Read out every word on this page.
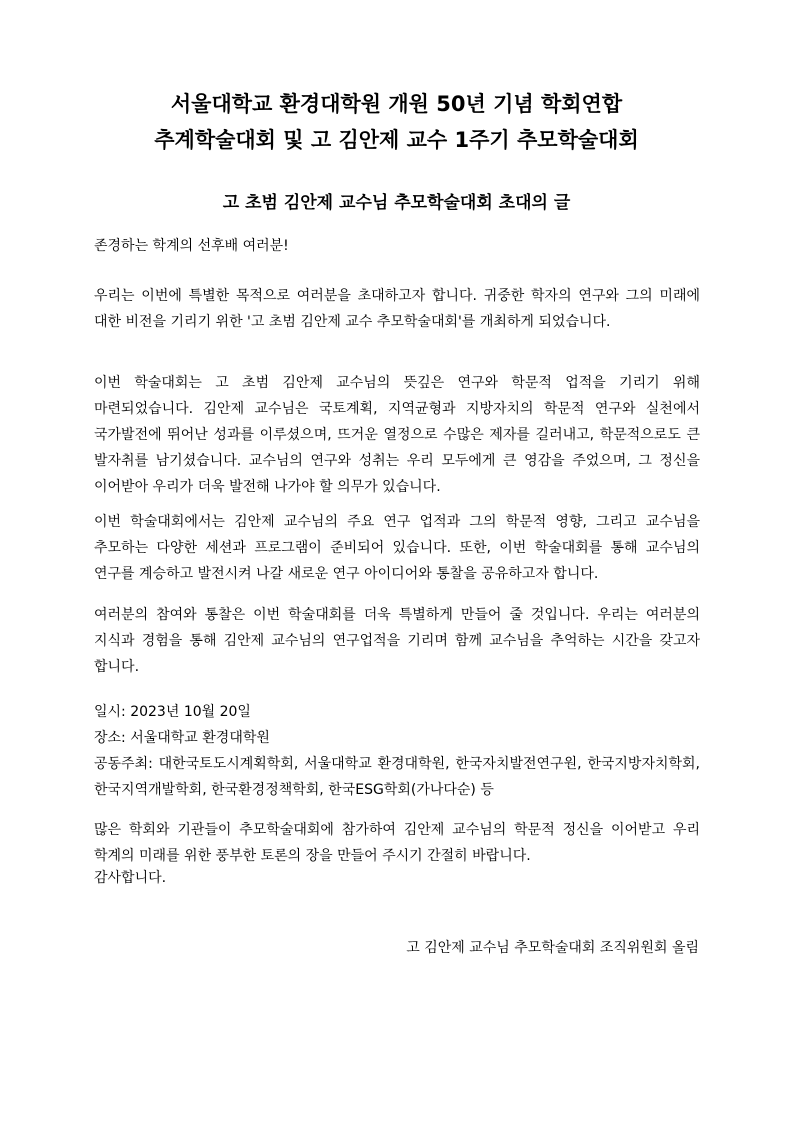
서울대학교 환경대학원 개원 50년 기념 학회연합
추계학술대회 및 고 김안제 교수 1주기 추모학술대회
고 초범 김안제 교수님 추모학술대회 초대의 글

존경하는 학계의 선후배 여러분!

우리는 이번에 특별한 목적으로 여러분을 초대하고자 합니다. 귀중한 학자의 연구와 그의 미래에 대한 비전을 기리기 위한 '고 초범 김안제 교수 추모학술대회'를 개최하게 되었습니다.

이번 학술대회는 고 초범 김안제 교수님의 뜻깊은 연구와 학문적 업적을 기리기 위해 마련되었습니다. 김안제 교수님은 국토계획, 지역균형과 지방자치의 학문적 연구와 실천에서 국가발전에 뛰어난 성과를 이루셨으며, 뜨거운 열정으로 수많은 제자를 길러내고, 학문적으로도 큰 발자취를 남기셨습니다. 교수님의 연구와 성취는 우리 모두에게 큰 영감을 주었으며, 그 정신을 이어받아 우리가 더욱 발전해 나가야 할 의무가 있습니다.

이번 학술대회에서는 김안제 교수님의 주요 연구 업적과 그의 학문적 영향, 그리고 교수님을 추모하는 다양한 세션과 프로그램이 준비되어 있습니다. 또한, 이번 학술대회를 통해 교수님의 연구를 계승하고 발전시켜 나갈 새로운 연구 아이디어와 통찰을 공유하고자 합니다.

여러분의 참여와 통찰은 이번 학술대회를 더욱 특별하게 만들어 줄 것입니다. 우리는 여러분의 지식과 경험을 통해 김안제 교수님의 연구업적을 기리며 함께 교수님을 추억하는 시간을 갖고자 합니다.

일시: 2023년 10월 20일

장소: 서울대학교 환경대학원

공동주최: 대한국토도시계획학회, 서울대학교 환경대학원, 한국자치발전연구원, 한국지방자치학회, 한국지역개발학회, 한국환경정책학회, 한국ESG학회(가나다순) 등

많은 학회와 기관들이 추모학술대회에 참가하여 김안제 교수님의 학문적 정신을 이어받고 우리 학계의 미래를 위한 풍부한 토론의 장을 만들어 주시기 간절히 바랍니다.

감사합니다.

고 김안제 교수님 추모학술대회 조직위원회 올림
